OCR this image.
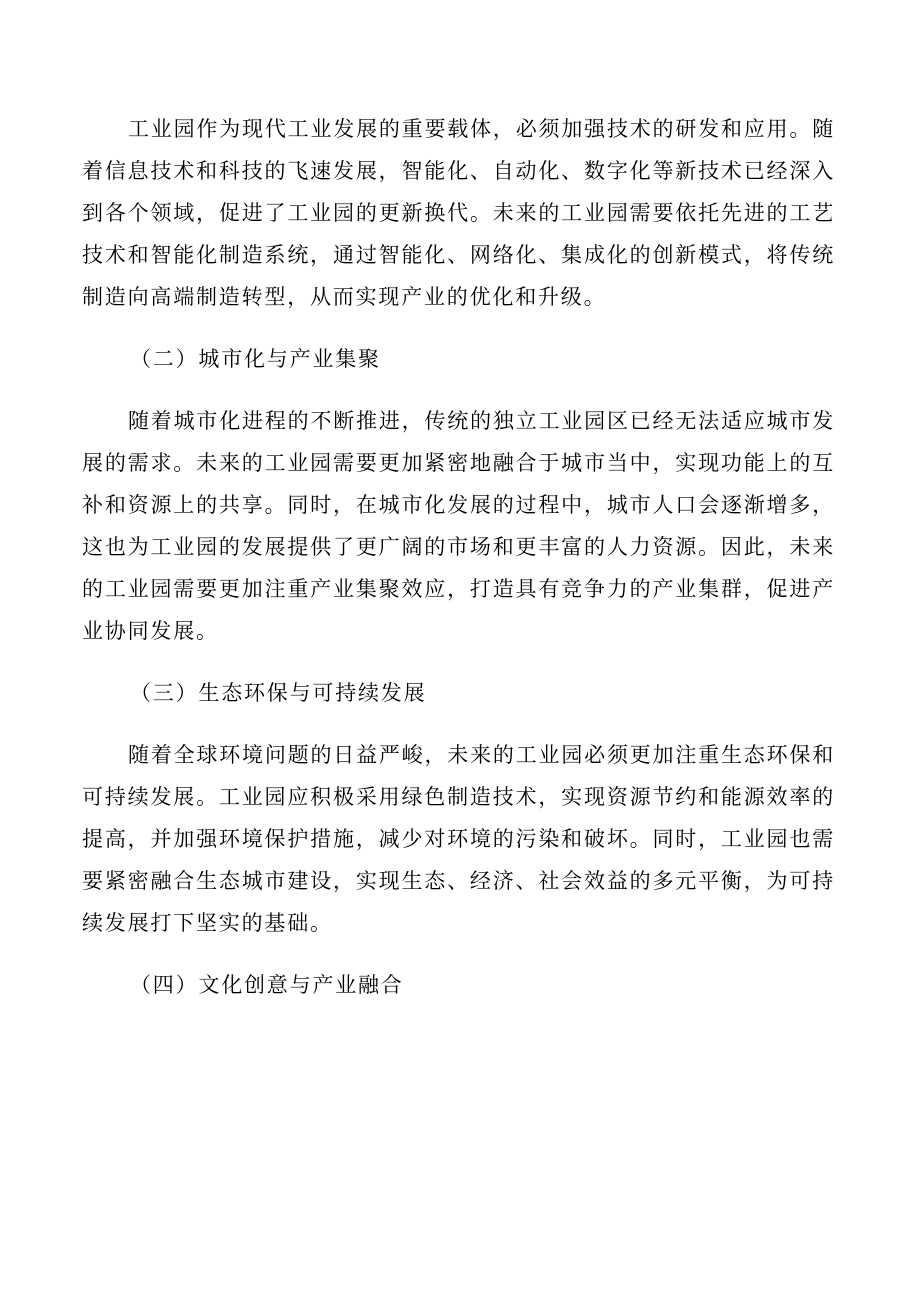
工业园作为现代工业发展的重要载体，必须加强技术的研发和应用。随着信息技术和科技的飞速发展，智能化、自动化、数字化等新技术已经深入到各个领域，促进了工业园的更新换代。未来的工业园需要依托先进的工艺技术和智能化制造系统，通过智能化、网络化、集成化的创新模式，将传统制造向高端制造转型，从而实现产业的优化和升级。

（二）城市化与产业集聚

随着城市化进程的不断推进，传统的独立工业园区已经无法适应城市发展的需求。未来的工业园需要更加紧密地融合于城市当中，实现功能上的互补和资源上的共享。同时，在城市化发展的过程中，城市人口会逐渐增多，这也为工业园的发展提供了更广阔的市场和更丰富的人力资源。因此，未来的工业园需要更加注重产业集聚效应，打造具有竞争力的产业集群，促进产业协同发展。

（三）生态环保与可持续发展

随着全球环境问题的日益严峻，未来的工业园必须更加注重生态环保和可持续发展。工业园应积极采用绿色制造技术，实现资源节约和能源效率的提高，并加强环境保护措施，减少对环境的污染和破坏。同时，工业园也需要紧密融合生态城市建设，实现生态、经济、社会效益的多元平衡，为可持续发展打下坚实的基础。

（四）文化创意与产业融合
